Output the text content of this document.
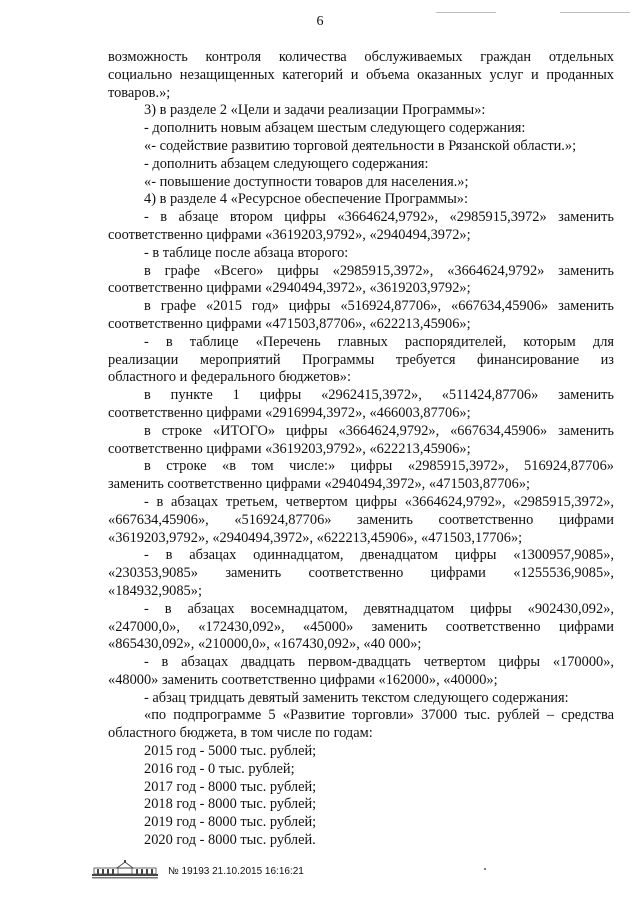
6
возможность контроля количества обслуживаемых граждан отдельных
социально незащищенных категорий и объема оказанных услуг и проданных
товаров.»;
3) в разделе 2 «Цели и задачи реализации Программы»:
- дополнить новым абзацем шестым следующего содержания:
«- содействие развитию торговой деятельности в Рязанской области.»;
- дополнить абзацем следующего содержания:
«- повышение доступности товаров для населения.»;
4) в разделе 4 «Ресурсное обеспечение Программы»:
- в абзаце втором цифры «3664624,9792», «2985915,3972» заменить
соответственно цифрами «3619203,9792», «2940494,3972»;
- в таблице после абзаца второго:
в графе «Всего» цифры «2985915,3972», «3664624,9792» заменить
соответственно цифрами «2940494,3972», «3619203,9792»;
в графе «2015 год» цифры «516924,87706», «667634,45906» заменить
соответственно цифрами «471503,87706», «622213,45906»;
- в таблице «Перечень главных распорядителей, которым для
реализации мероприятий Программы требуется финансирование из
областного и федерального бюджетов»:
в пункте 1 цифры «2962415,3972», «511424,87706» заменить
соответственно цифрами «2916994,3972», «466003,87706»;
в строке «ИТОГО» цифры «3664624,9792», «667634,45906» заменить
соответственно цифрами «3619203,9792», «622213,45906»;
в строке «в том числе:» цифры «2985915,3972», 516924,87706»
заменить соответственно цифрами «2940494,3972», «471503,87706»;
- в абзацах третьем, четвертом цифры «3664624,9792», «2985915,3972»,
«667634,45906», «516924,87706» заменить соответственно цифрами
«3619203,9792», «2940494,3972», «622213,45906», «471503,17706»;
- в абзацах одиннадцатом, двенадцатом цифры «1300957,9085»,
«230353,9085» заменить соответственно цифрами «1255536,9085»,
«184932,9085»;
- в абзацах восемнадцатом, девятнадцатом цифры «902430,092»,
«247000,0», «172430,092», «45000» заменить соответственно цифрами
«865430,092», «210000,0», «167430,092», «40 000»;
- в абзацах двадцать первом-двадцать четвертом цифры «170000»,
«48000» заменить соответственно цифрами «162000», «40000»;
- абзац тридцать девятый заменить текстом следующего содержания:
«по подпрограмме 5 «Развитие торговли» 37000 тыс. рублей – средства
областного бюджета, в том числе по годам:
2015 год - 5000 тыс. рублей;
2016 год - 0 тыс. рублей;
2017 год - 8000 тыс. рублей;
2018 год - 8000 тыс. рублей;
2019 год - 8000 тыс. рублей;
2020 год - 8000 тыс. рублей.
№ 19193 21.10.2015 16:16:21
